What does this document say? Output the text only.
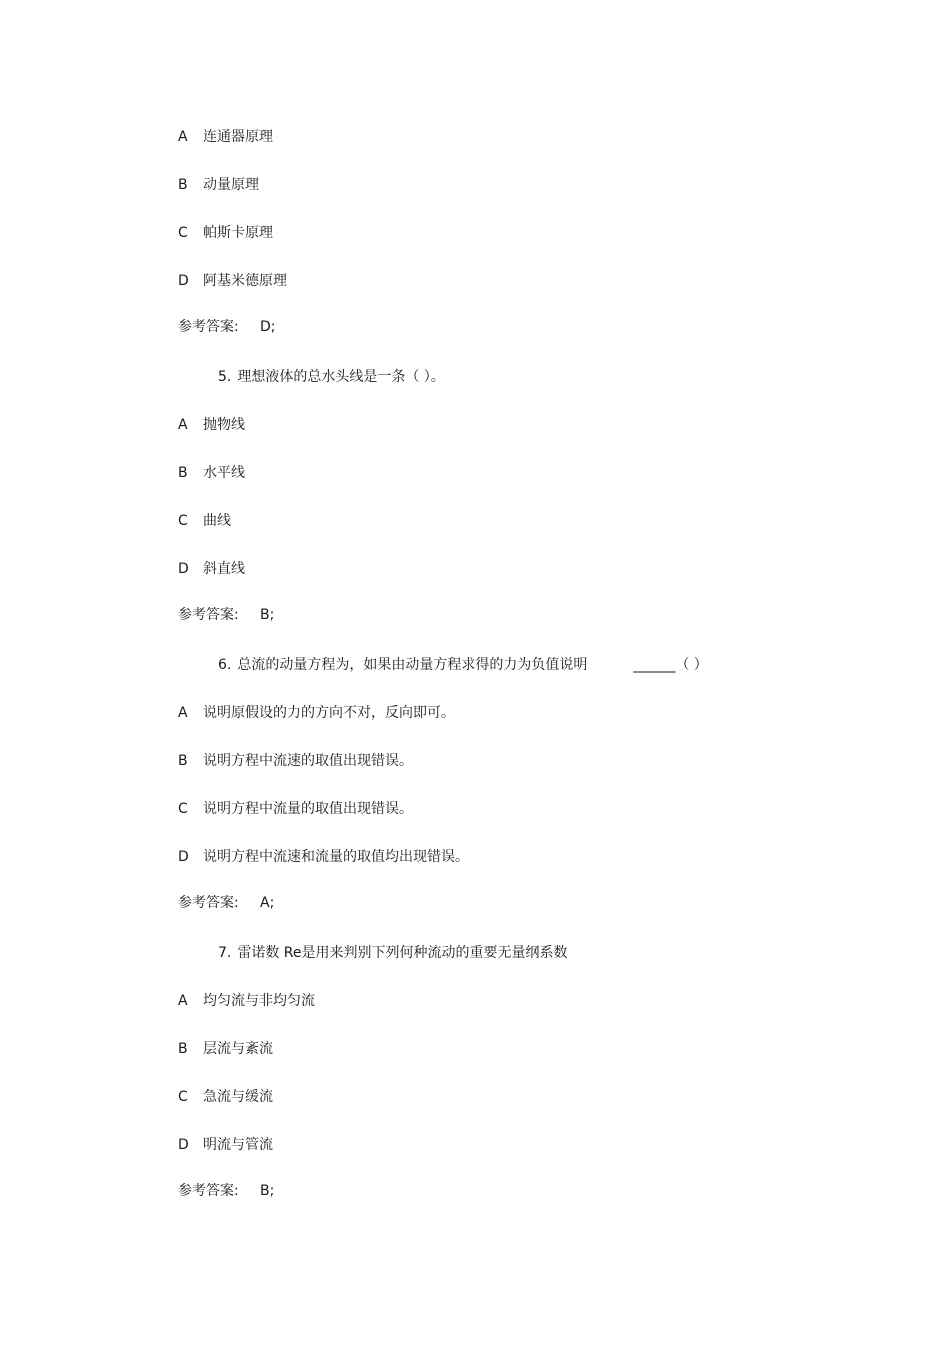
A 连通器原理
B 动量原理
C 帕斯卡原理
D 阿基米德原理
参考答案: D;
5. 理想液体的总水头线是一条（ ）。
A 抛物线
B 水平线
C 曲线
D 斜直线
参考答案: B;
6. 总流的动量方程为，如果由动量方程求得的力为负值说明	______（ ）
A 说明原假设的力的方向不对，反向即可。
B 说明方程中流速的取值出现错误。
C 说明方程中流量的取值出现错误。
D 说明方程中流速和流量的取值均出现错误。
参考答案: A;
7. 雷诺数 Re是用来判别下列何种流动的重要无量纲系数
A 均匀流与非均匀流
B 层流与紊流
C 急流与缓流
D 明流与管流
参考答案: B;
